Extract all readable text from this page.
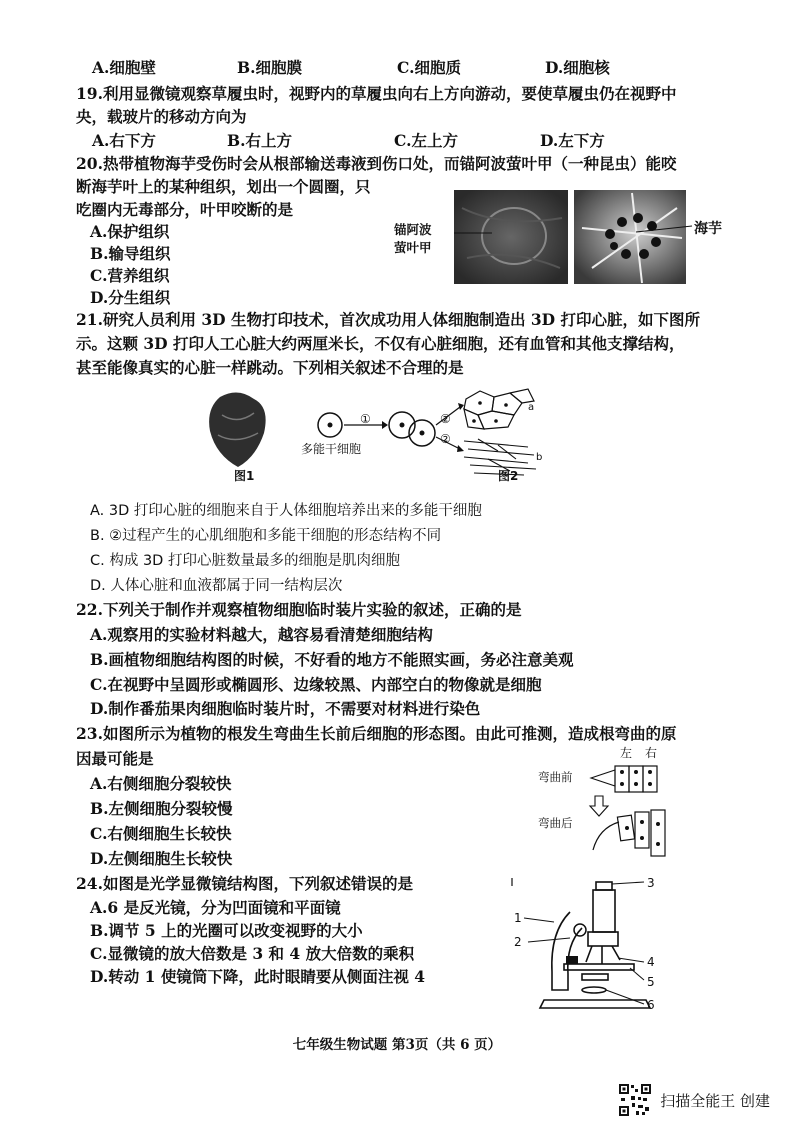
A.细胞壁	B.细胞膜	C.细胞质	D.细胞核
19.利用显微镜观察草履虫时，视野内的草履虫向右上方向游动，要使草履虫仍在视野中
央，载玻片的移动方向为
A.右下方	B.右上方	C.左上方	D.左下方
20.热带植物海芋受伤时会从根部输送毒液到伤口处，而锚阿波萤叶甲（一种昆虫）能咬
断海芋叶上的某种组织，划出一个圆圈，只
吃圈内无毒部分，叶甲咬断的是
A.保护组织
B.输导组织
C.营养组织
D.分生组织
锚阿波
萤叶甲
海芋
21.研究人员利用 3D 生物打印技术，首次成功用人体细胞制造出 3D 打印心脏，如下图所
示。这颗 3D 打印人工心脏大约两厘米长，不仅有心脏细胞，还有血管和其他支撑结构，
甚至能像真实的心脏一样跳动。下列相关叙述不合理的是
多能干细胞
①	②
②
a
b
图1	图2
A. 3D 打印心脏的细胞来自于人体细胞培养出来的多能干细胞
B. ②过程产生的心肌细胞和多能干细胞的形态结构不同
C. 构成 3D 打印心脏数量最多的细胞是肌肉细胞
D. 人体心脏和血液都属于同一结构层次
22.下列关于制作并观察植物细胞临时装片实验的叙述，正确的是
A.观察用的实验材料越大，越容易看清楚细胞结构
B.画植物细胞结构图的时候，不好看的地方不能照实画，务必注意美观
C.在视野中呈圆形或椭圆形、边缘较黑、内部空白的物像就是细胞
D.制作番茄果肉细胞临时装片时，不需要对材料进行染色
23.如图所示为植物的根发生弯曲生长前后细胞的形态图。由此可推测，造成根弯曲的原
因最可能是
A.右侧细胞分裂较快
B.左侧细胞分裂较慢
C.右侧细胞生长较快
D.左侧细胞生长较快
左 右
弯曲前
弯曲后
24.如图是光学显微镜结构图，下列叙述错误的是
A.6 是反光镜，分为凹面镜和平面镜
B.调节 5 上的光圈可以改变视野的大小
C.显微镜的放大倍数是 3 和 4 放大倍数的乘积
D.转动 1 使镜筒下降，此时眼睛要从侧面注视 4
1
2
3
4
5
6
七年级生物试题 第3页（共 6 页）
扫描全能王 创建
